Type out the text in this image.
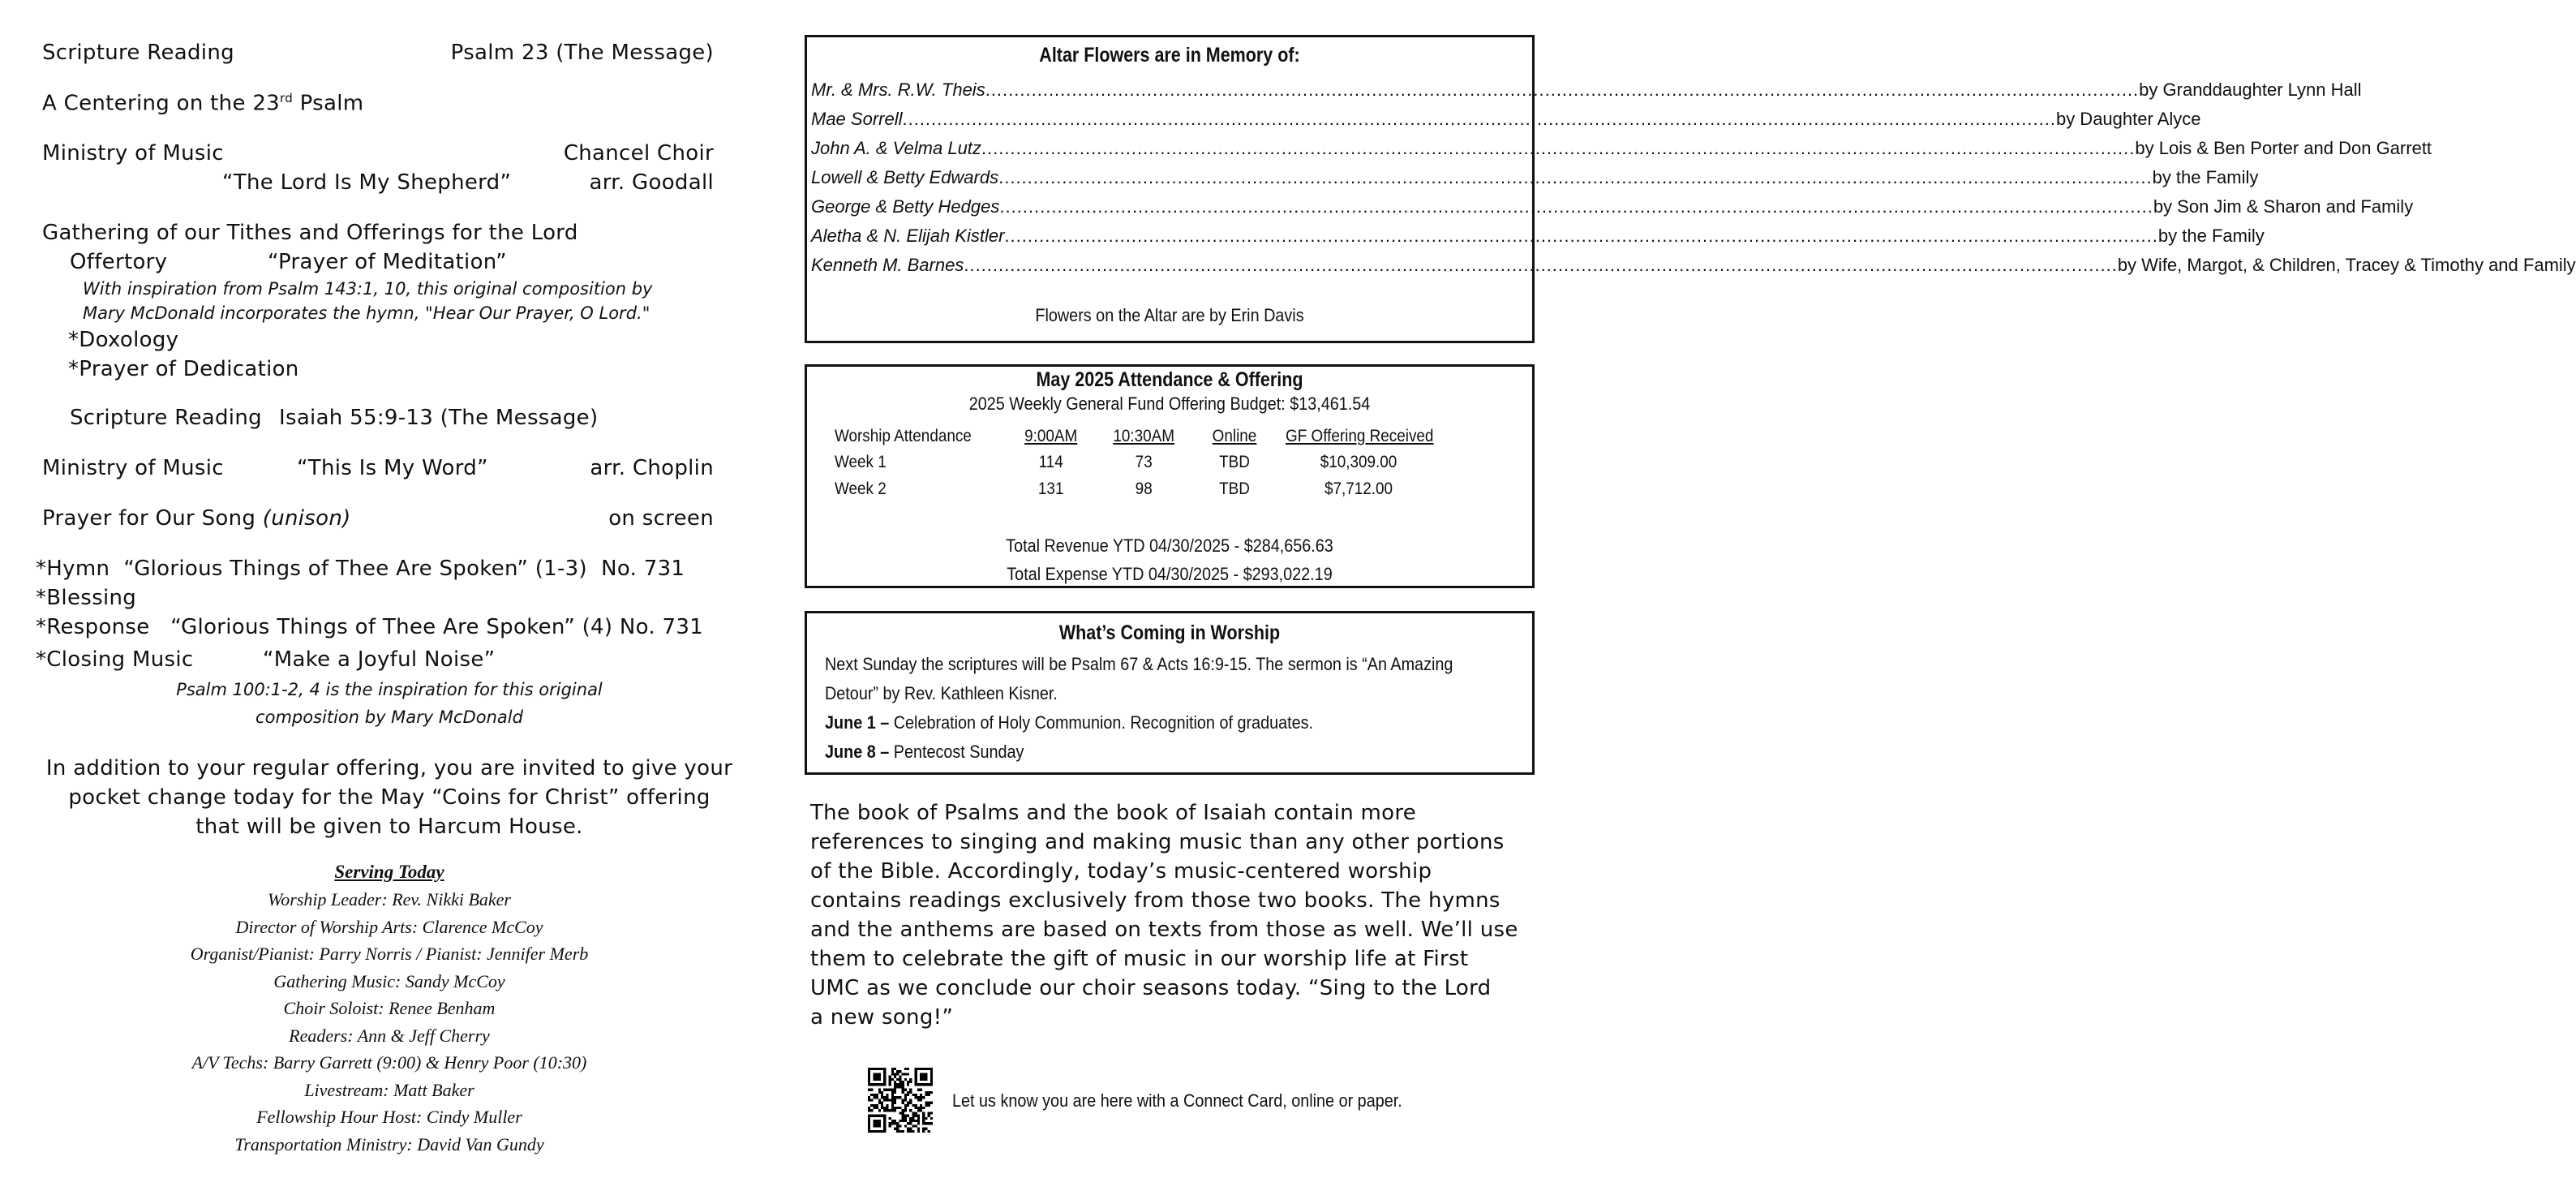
Scripture Reading	Psalm 23 (The Message)
A Centering on the 23rd Psalm
Ministry of Music	Chancel Choir
“The Lord Is My Shepherd”	arr. Goodall
Gathering of our Tithes and Offerings for the Lord
Offertory	“Prayer of Meditation”
With inspiration from Psalm 143:1, 10, this original composition by
Mary McDonald incorporates the hymn, "Hear Our Prayer, O Lord."
*Doxology
*Prayer of Dedication
Scripture Reading Isaiah 55:9-13 (The Message)
Ministry of Music	“This Is My Word”	arr. Choplin
Prayer for Our Song (unison)	on screen
*Hymn  “Glorious Things of Thee Are Spoken” (1-3)  No. 731
*Blessing
*Response   “Glorious Things of Thee Are Spoken” (4) No. 731
*Closing Music	“Make a Joyful Noise”
Psalm 100:1-2, 4 is the inspiration for this original
composition by Mary McDonald
In addition to your regular offering, you are invited to give your
pocket change today for the May “Coins for Christ” offering
that will be given to Harcum House.
Serving Today
Worship Leader: Rev. Nikki Baker
Director of Worship Arts: Clarence McCoy
Organist/Pianist: Parry Norris / Pianist: Jennifer Merb
Gathering Music: Sandy McCoy
Choir Soloist: Renee Benham
Readers: Ann & Jeff Cherry
A/V Techs: Barry Garrett (9:00) & Henry Poor (10:30)
Livestream: Matt Baker
Fellowship Hour Host: Cindy Muller
Transportation Ministry: David Van Gundy
Altar Flowers are in Memory of:
Mr. & Mrs. R.W. Theis ........................................................................................................................................................................................................ by Granddaughter Lynn Hall
Mae Sorrell ........................................................................................................................................................................................................ by Daughter Alyce
John A. & Velma Lutz ........................................................................................................................................................................................................ by Lois & Ben Porter and Don Garrett
Lowell & Betty Edwards ........................................................................................................................................................................................................ by the Family
George & Betty Hedges ........................................................................................................................................................................................................ by Son Jim & Sharon and Family
Aletha & N. Elijah Kistler ........................................................................................................................................................................................................ by the Family
Kenneth M. Barnes ........................................................................................................................................................................................................ by Wife, Margot, & Children, Tracey & Timothy and Family
Flowers on the Altar are by Erin Davis
May 2025 Attendance & Offering
2025 Weekly General Fund Offering Budget: $13,461.54
Worship Attendance	9:00AM 10:30AM	Online	GF Offering Received
Week 1	114	73	TBD	$10,309.00
Week 2	131	98	TBD	$7,712.00
Total Revenue YTD 04/30/2025 - $284,656.63
Total Expense YTD 04/30/2025 - $293,022.19
What’s Coming in Worship
Next Sunday the scriptures will be Psalm 67 & Acts 16:9-15. The sermon is “An Amazing
Detour” by Rev. Kathleen Kisner.
June 1 – Celebration of Holy Communion. Recognition of graduates.
June 8 – Pentecost Sunday
The book of Psalms and the book of Isaiah contain more
references to singing and making music than any other portions
of the Bible. Accordingly, today’s music-centered worship
contains readings exclusively from those two books. The hymns
and the anthems are based on texts from those as well. We’ll use
them to celebrate the gift of music in our worship life at First
UMC as we conclude our choir seasons today. “Sing to the Lord
a new song!”
Let us know you are here with a Connect Card, online or paper.
